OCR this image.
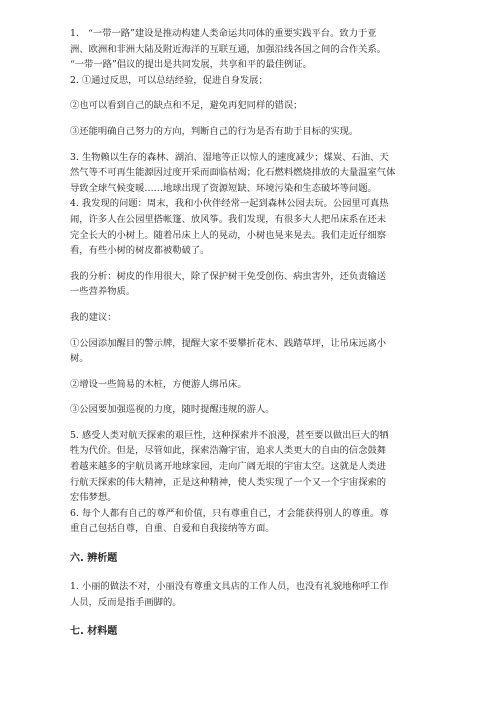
1.　“一带一路”建设是推动构建人类命运共同体的重要实践平台。致力于亚

洲、欧洲和非洲大陆及附近海洋的互联互通，加强沿线各国之间的合作关系。

“一带一路”倡议的提出是共同发展，共享和平的最佳例证。

2. ①通过反思，可以总结经验，促进自身发展；

②也可以看到自己的缺点和不足，避免再犯同样的错误；

③还能明确自己努力的方向，判断自己的行为是否有助于目标的实现。

3. 生物赖以生存的森林、湖泊、湿地等正以惊人的速度减少；煤炭、石油、天

然气等不可再生能源因过度开采而面临枯竭；化石燃料燃烧排放的大量温室气体

导致全球气候变暖……地球出现了资源短缺、环境污染和生态破坏等问题。

4. 我发现的问题：周末，我和小伙伴经常一起到森林公园去玩。公园里可真热

闹，许多人在公园里搭帐篷、放风筝。我们发现，有很多大人把吊床系在还未

完全长大的小树上。随着吊床上人的晃动，小树也晃来晃去。我们走近仔细察

看，有些小树的树皮都被勒破了。

我的分析：树皮的作用很大，除了保护树干免受创伤、病虫害外，还负责输送

一些营养物质。

我的建议：

①公园添加醒目的警示牌，提醒大家不要攀折花木、践踏草坪，让吊床远离小

树。

②增设一些简易的木桩，方便游人绑吊床。

③公园要加强巡视的力度，随时提醒违规的游人。

5. 感受人类对航天探索的艰巨性，这种探索并不浪漫，甚至要以做出巨大的牺

牲为代价。但是，尽管如此，探索浩瀚宇宙，追求人类更大的自由的信念鼓舞

着越来越多的宇航员离开地球家园，走向广阔无垠的宇宙太空。这就是人类进

行航天探索的伟大精神，正是这种精神，使人类实现了一个又一个宇宙探索的

宏伟梦想。

6. 每个人都有自己的尊严和价值，只有尊重自己，才会能获得别人的尊重。尊

重自己包括自尊，自重、自爱和自我接纳等方面。

六. 辨析题

1. 小丽的做法不对，小丽没有尊重文具店的工作人员，也没有礼貌地称呼工作

人员，反而是指手画脚的。

七. 材料题
